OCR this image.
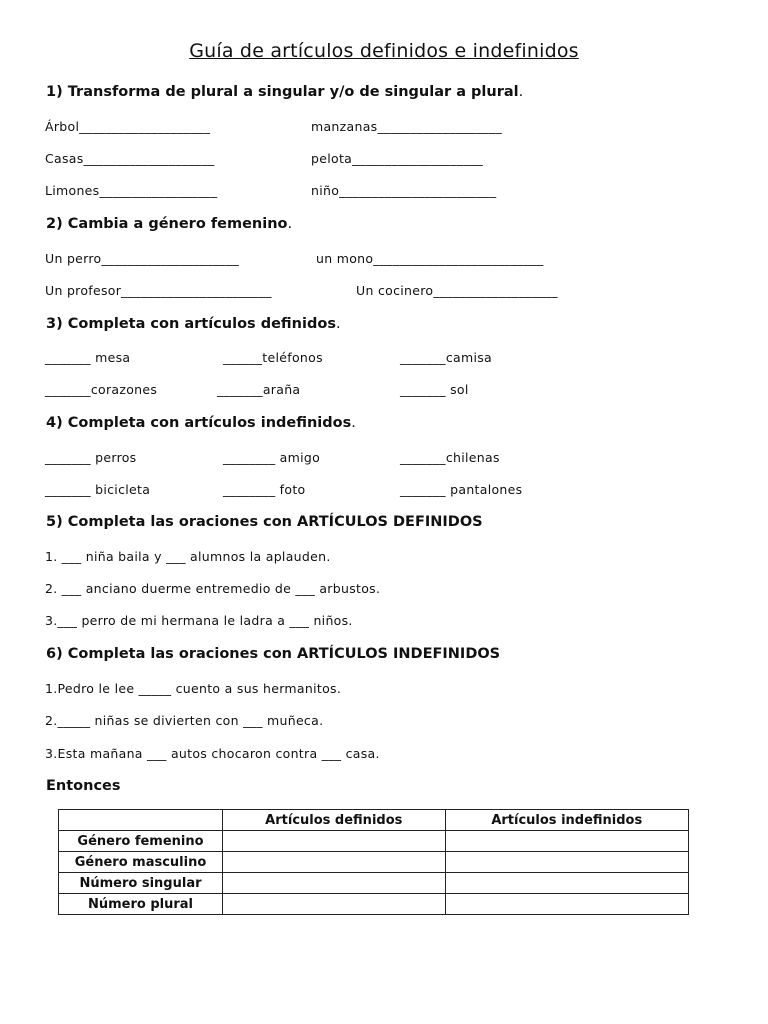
Guía de artículos definidos e indefinidos
1) Transforma de plural a singular y/o de singular a plural.
Árbol____________________	manzanas___________________
Casas____________________	pelota____________________
Limones__________________	niño________________________
2) Cambia a género femenino.
Un perro_____________________	un mono__________________________
Un profesor_______________________	Un cocinero___________________
3) Completa con artículos definidos.
_______ mesa	______teléfonos	_______camisa
_______corazones	_______araña	_______ sol
4) Completa con artículos indefinidos.
_______ perros	________ amigo	_______chilenas
_______ bicicleta	________ foto	_______ pantalones
5) Completa las oraciones con ARTÍCULOS DEFINIDOS
1. ___ niña baila y ___ alumnos la aplauden.
2. ___ anciano duerme entremedio de ___ arbustos.
3.___ perro de mi hermana le ladra a ___ niños.
6) Completa las oraciones con ARTÍCULOS INDEFINIDOS
1.Pedro le lee _____ cuento a sus hermanitos.
2._____ niñas se divierten con ___ muñeca.
3.Esta mañana ___ autos chocaron contra ___ casa.
Entonces
	Artículos definidos	Artículos indefinidos
Género femenino		
Género masculino		
Número singular		
Número plural		
